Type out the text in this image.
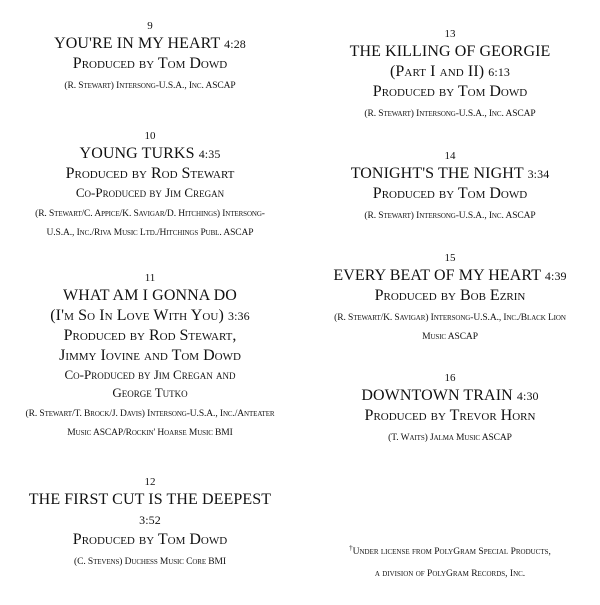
9
YOU'RE IN MY HEART 4:28
Produced by Tom Dowd
(R. Stewart) Intersong-U.S.A., Inc. ASCAP
10
YOUNG TURKS 4:35
Produced by Rod Stewart
Co-Produced by Jim Cregan
(R. Stewart/C. Appice/K. Savigar/D. Hitchings) Intersong-
U.S.A., Inc./Riva Music Ltd./Hitchings Publ. ASCAP
11
WHAT AM I GONNA DO
(I'm So In Love With You) 3:36
Produced by Rod Stewart,
Jimmy Iovine and Tom Dowd
Co-Produced by Jim Cregan and
George Tutko
(R. Stewart/T. Brock/J. Davis) Intersong-U.S.A., Inc./Anteater
Music ASCAP/Rockin' Hoarse Music BMI
12
THE FIRST CUT IS THE DEEPEST
3:52
Produced by Tom Dowd
(C. Stevens) Duchess Music Core BMI
13
THE KILLING OF GEORGIE
(Part I and II) 6:13
Produced by Tom Dowd
(R. Stewart) Intersong-U.S.A., Inc. ASCAP
14
TONIGHT'S THE NIGHT 3:34
Produced by Tom Dowd
(R. Stewart) Intersong-U.S.A., Inc. ASCAP
15
EVERY BEAT OF MY HEART 4:39
Produced by Bob Ezrin
(R. Stewart/K. Savigar) Intersong-U.S.A., Inc./Black Lion
Music ASCAP
16
DOWNTOWN TRAIN 4:30
Produced by Trevor Horn
(T. Waits) Jalma Music ASCAP
†Under license from PolyGram Special Products,
a division of PolyGram Records, Inc.
